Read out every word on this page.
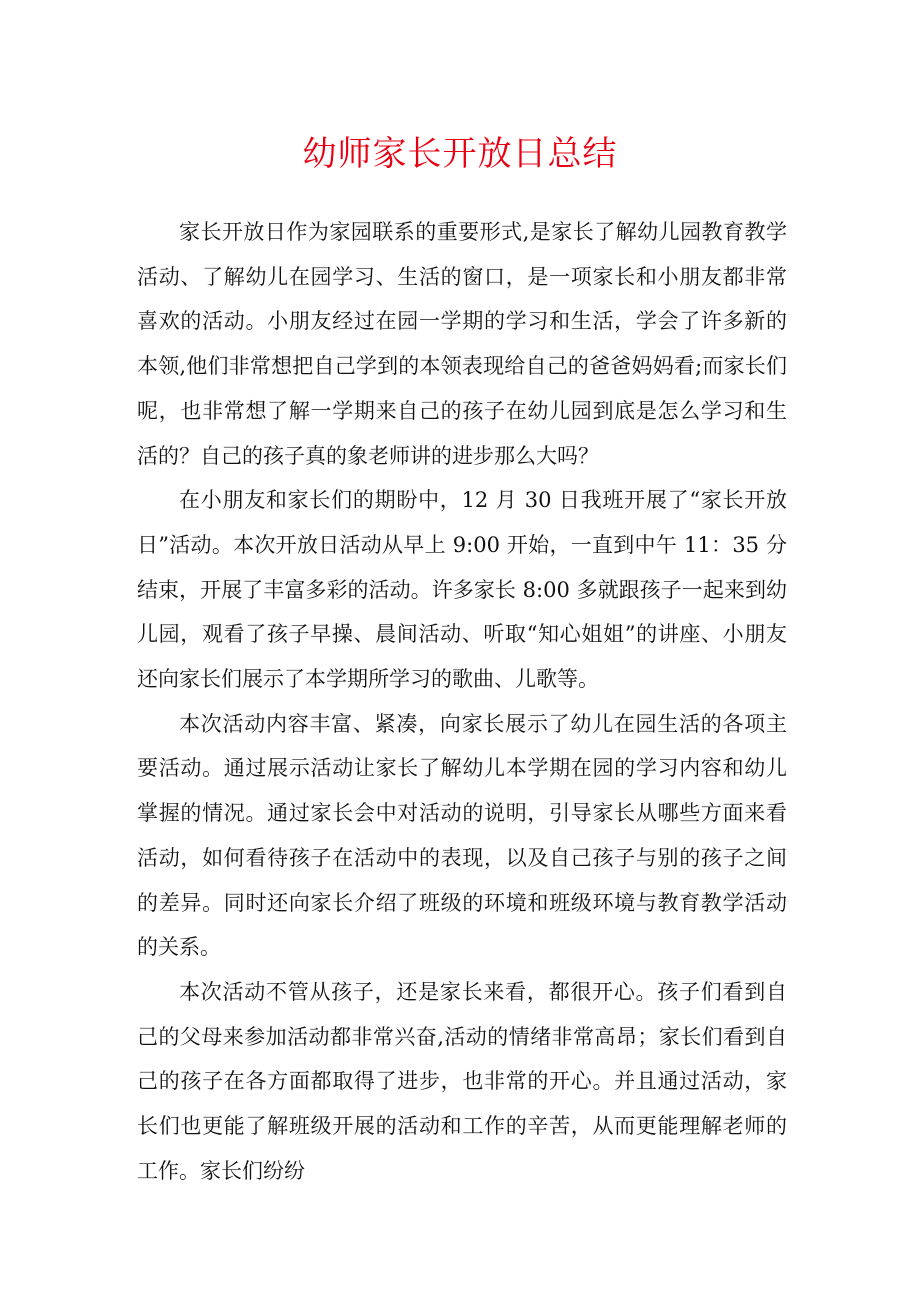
幼师家长开放日总结

家长开放日作为家园联系的重要形式,是家长了解幼儿园教育教学活动、了解幼儿在园学习、生活的窗口，是一项家长和小朋友都非常喜欢的活动。小朋友经过在园一学期的学习和生活，学会了许多新的本领,他们非常想把自己学到的本领表现给自己的爸爸妈妈看;而家长们呢，也非常想了解一学期来自己的孩子在幼儿园到底是怎么学习和生活的？自己的孩子真的象老师讲的进步那么大吗？

在小朋友和家长们的期盼中，12 月 30 日我班开展了“家长开放日”活动。本次开放日活动从早上 9:00 开始，一直到中午 11：35 分结束，开展了丰富多彩的活动。许多家长 8:00 多就跟孩子一起来到幼儿园，观看了孩子早操、晨间活动、听取“知心姐姐”的讲座、小朋友还向家长们展示了本学期所学习的歌曲、儿歌等。

本次活动内容丰富、紧凑，向家长展示了幼儿在园生活的各项主要活动。通过展示活动让家长了解幼儿本学期在园的学习内容和幼儿掌握的情况。通过家长会中对活动的说明，引导家长从哪些方面来看活动，如何看待孩子在活动中的表现，以及自己孩子与别的孩子之间的差异。同时还向家长介绍了班级的环境和班级环境与教育教学活动的关系。

本次活动不管从孩子，还是家长来看，都很开心。孩子们看到自己的父母来参加活动都非常兴奋,活动的情绪非常高昂；家长们看到自己的孩子在各方面都取得了进步，也非常的开心。并且通过活动，家长们也更能了解班级开展的活动和工作的辛苦，从而更能理解老师的工作。家长们纷纷
